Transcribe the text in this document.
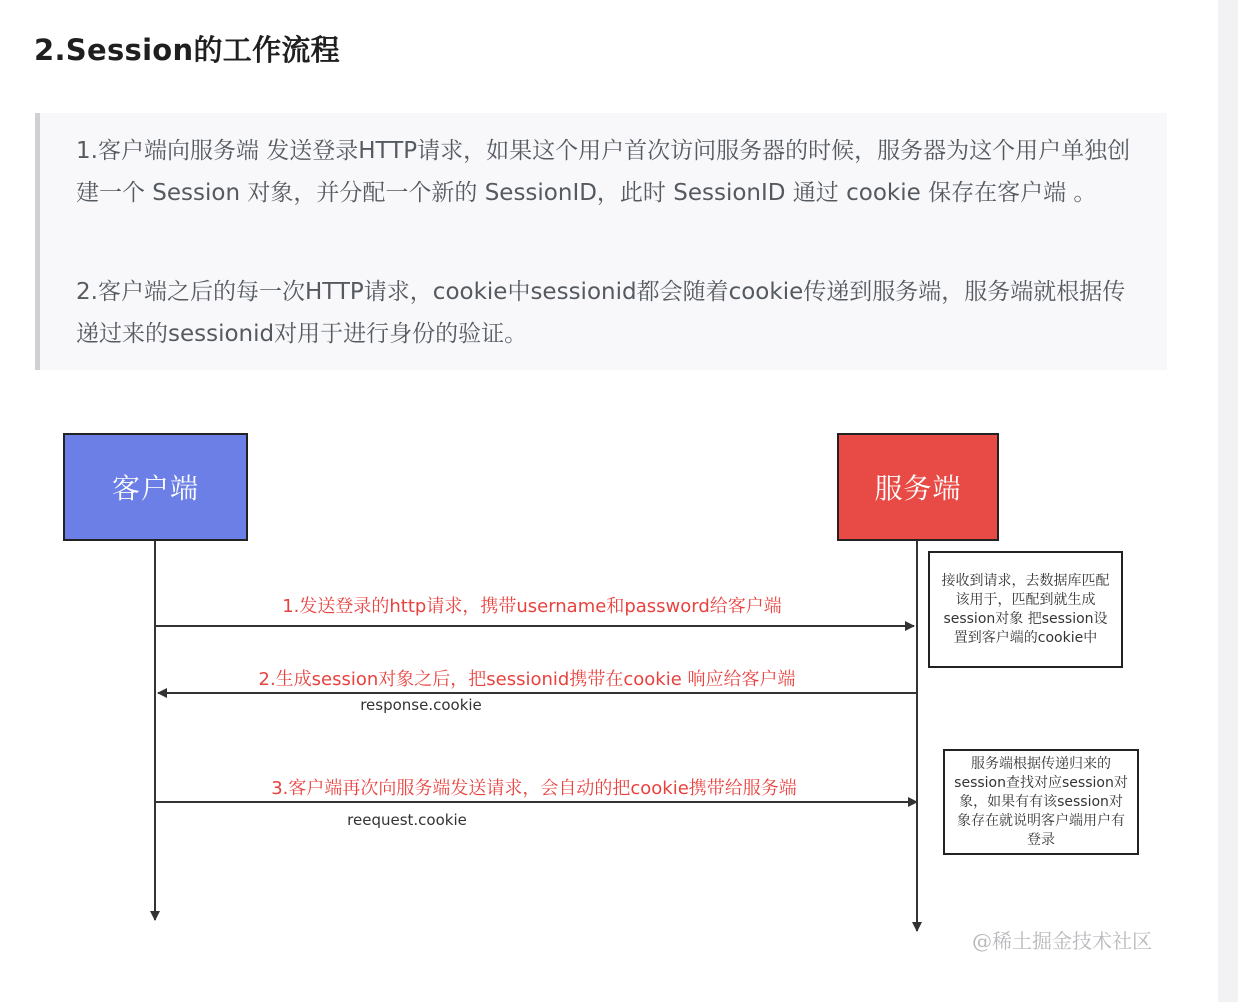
2.Session的工作流程

1.客户端向服务端 发送登录HTTP请求，如果这个用户首次访问服务器的时候，服务器为这个用户单独创建一个 Session 对象，并分配一个新的 SessionID，此时 SessionID 通过 cookie 保存在客户端 。

2.客户端之后的每一次HTTP请求，cookie中sessionid都会随着cookie传递到服务端，服务端就根据传递过来的sessionid对用于进行身份的验证。

客户端	服务端
接收到请求，去数据库匹配该用于，匹配到就生成session对象 把session设置到客户端的cookie中
服务端根据传递归来的session查找对应session对象，如果有有该session对象存在就说明客户端用户有登录
1.发送登录的http请求，携带username和password给客户端
2.生成session对象之后，把sessionid携带在cookie 响应给客户端
response.cookie
3.客户端再次向服务端发送请求，会自动的把cookie携带给服务端
reequest.cookie
@稀土掘金技术社区
